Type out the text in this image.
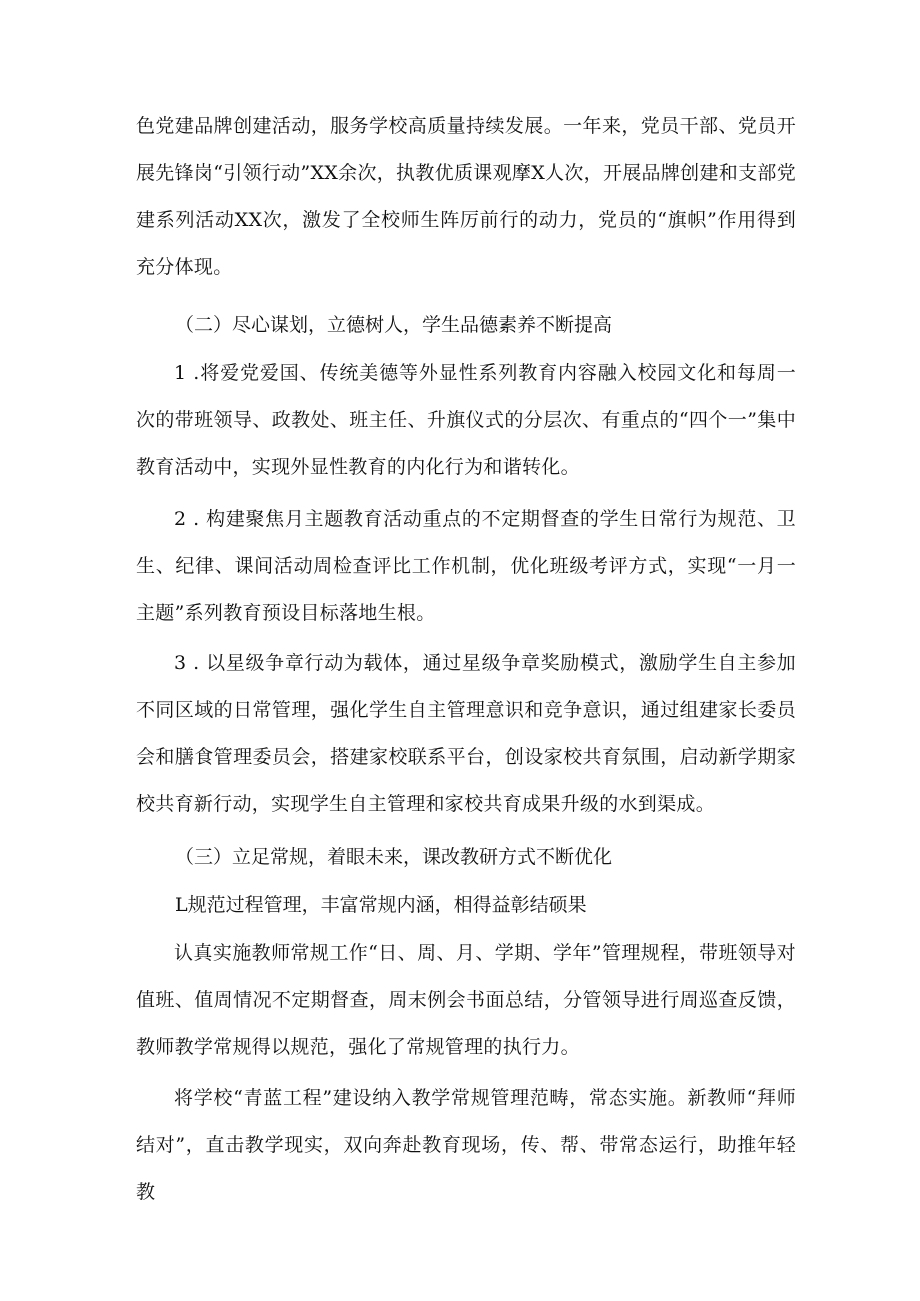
色党建品牌创建活动，服务学校高质量持续发展。一年来，党员干部、党员开展先锋岗“引领行动”XX余次，执教优质课观摩X人次，开展品牌创建和支部党建系列活动XX次，激发了全校师生阵厉前行的动力，党员的“旗帜”作用得到充分体现。

（二）尽心谋划，立德树人，学生品德素养不断提高

1 .将爱党爱国、传统美德等外显性系列教育内容融入校园文化和每周一次的带班领导、政教处、班主任、升旗仪式的分层次、有重点的“四个一”集中教育活动中，实现外显性教育的内化行为和谐转化。

2 . 构建聚焦月主题教育活动重点的不定期督查的学生日常行为规范、卫生、纪律、课间活动周检查评比工作机制，优化班级考评方式，实现“一月一主题”系列教育预设目标落地生根。

3 . 以星级争章行动为载体，通过星级争章奖励模式，激励学生自主参加不同区域的日常管理，强化学生自主管理意识和竞争意识，通过组建家长委员会和膳食管理委员会，搭建家校联系平台，创设家校共育氛围，启动新学期家校共育新行动，实现学生自主管理和家校共育成果升级的水到渠成。

（三）立足常规，着眼未来，课改教研方式不断优化

L规范过程管理，丰富常规内涵，相得益彰结硕果

认真实施教师常规工作“日、周、月、学期、学年”管理规程，带班领导对值班、值周情况不定期督查，周末例会书面总结，分管领导进行周巡查反馈，教师教学常规得以规范，强化了常规管理的执行力。

将学校“青蓝工程”建设纳入教学常规管理范畴，常态实施。新教师“拜师结对”，直击教学现实，双向奔赴教育现场，传、帮、带常态运行，助推年轻教
